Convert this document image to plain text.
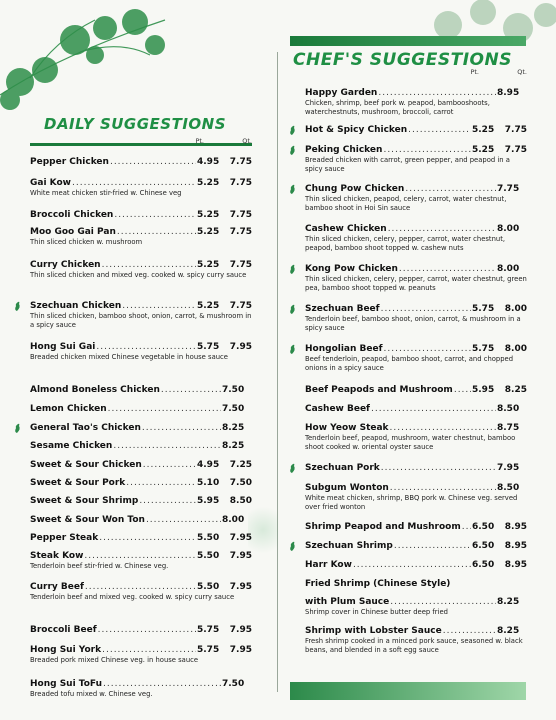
DAILY SUGGESTIONS
Pt.	Qt.
Pepper Chicken .....	4.95	7.75
Gai Kow .....	5.25	7.75
White meat chicken stir-fried w. Chinese veg
Broccoli Chicken .....	5.25	7.75
Moo Goo Gai Pan .....	5.25	7.75
Thin sliced chicken w. mushroom
Curry Chicken .....	5.25	7.75
Thin sliced chicken and mixed veg. cooked w. spicy curry sauce
Szechuan Chicken .....	5.25	7.75
Thin sliced chicken, bamboo shoot, onion, carrot, & mushroom in a spicy sauce
Hong Sui Gai .....	5.75	7.95
Breaded chicken mixed Chinese vegetable in house sauce
Almond Boneless Chicken .....	7.50
Lemon Chicken .....	7.50
General Tao's Chicken .....	8.25
Sesame Chicken .....	8.25
Sweet & Sour Chicken .....	4.95	7.25
Sweet & Sour Pork .....	5.10	7.50
Sweet & Sour Shrimp .....	5.95	8.50
Sweet & Sour Won Ton .....	8.00
Pepper Steak .....	5.50	7.95
Steak Kow .....	5.50	7.95
Tenderloin beef stir-fried w. Chinese veg.
Curry Beef .....	5.50	7.95
Tenderloin beef and mixed veg. cooked w. spicy curry sauce
Broccoli Beef .....	5.75	7.95
Hong Sui York .....	5.75	7.95
Breaded pork mixed Chinese veg. in house sauce
Hong Sui ToFu .....	7.50
Breaded tofu mixed w. Chinese veg.
CHEF'S SUGGESTIONS
Pt.	Qt.
Happy Garden .....	8.95
Chicken, shrimp, beef pork w. peapod, bambooshoots, waterchestnuts, mushroom, broccoli, carrot
Hot & Spicy Chicken .....	5.25	7.75
Peking Chicken .....	5.25	7.75
Breaded chicken with carrot, green pepper, and peapod in a spicy sauce
Chung Pow Chicken .....	7.75
Thin sliced chicken, peapod, celery, carrot, water chestnut, bamboo shoot in Hoi Sin sauce
Cashew Chicken .....	8.00
Thin sliced chicken, celery, pepper, carrot, water chestnut, peapod, bamboo shoot topped w. cashew nuts
Kong Pow Chicken .....	8.00
Thin sliced chicken, celery, pepper, carrot, water chestnut, green pea, bamboo shoot topped w. peanuts
Szechuan Beef .....	5.75	8.00
Tenderloin beef, bamboo shoot, onion, carrot, & mushroom in a spicy sauce
Hongolian Beef .....	5.75	8.00
Beef tenderloin, peapod, bamboo shoot, carrot, and chopped onions in a spicy sauce
Beef Peapods and Mushroom ..... 5.95	8.25
Cashew Beef .....	8.50
How Yeow Steak .....	8.75
Tenderloin beef, peapod, mushroom, water chestnut, bamboo shoot cooked w. oriental oyster sauce
Szechuan Pork .....	7.95
Subgum Wonton .....	8.50
White meat chicken, shrimp, BBQ pork w. Chinese veg. served over fried wonton
Shrimp Peapod and Mushroom ..... 6.50	8.95
Szechuan Shrimp .....	6.50	8.95
Harr Kow .....	6.50	8.95
Fried Shrimp (Chinese Style)
with Plum Sauce .....	8.25
Shrimp cover in Chinese butter deep fried
Shrimp with Lobster Sauce .....	8.25
Fresh shrimp cooked in a minced pork sauce, seasoned w. black beans, and blended in a soft egg sauce
